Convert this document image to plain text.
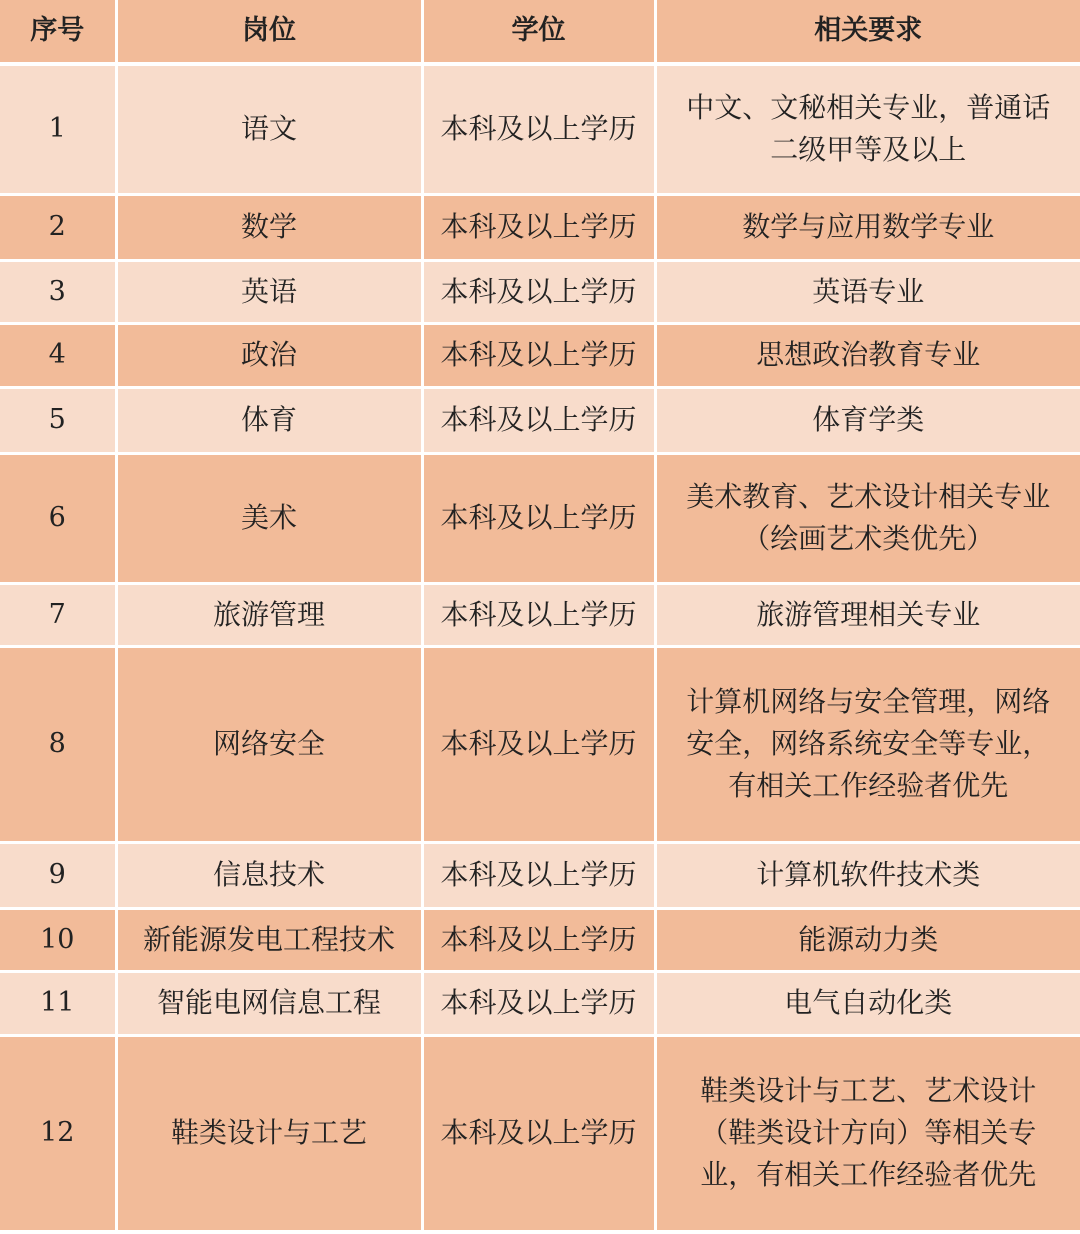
序号	岗位	学位	相关要求
1	语文	本科及以上学历	中文、文秘相关专业，普通话
二级甲等及以上
2	数学	本科及以上学历	数学与应用数学专业
3	英语	本科及以上学历	英语专业
4	政治	本科及以上学历	思想政治教育专业
5	体育	本科及以上学历	体育学类
6	美术	本科及以上学历	美术教育、艺术设计相关专业
（绘画艺术类优先）
7	旅游管理	本科及以上学历	旅游管理相关专业
8	网络安全	本科及以上学历	计算机网络与安全管理，网络
安全，网络系统安全等专业，
有相关工作经验者优先
9	信息技术	本科及以上学历	计算机软件技术类
10	新能源发电工程技术	本科及以上学历	能源动力类
11	智能电网信息工程	本科及以上学历	电气自动化类
12	鞋类设计与工艺	本科及以上学历	鞋类设计与工艺、艺术设计
（鞋类设计方向）等相关专
业，有相关工作经验者优先
